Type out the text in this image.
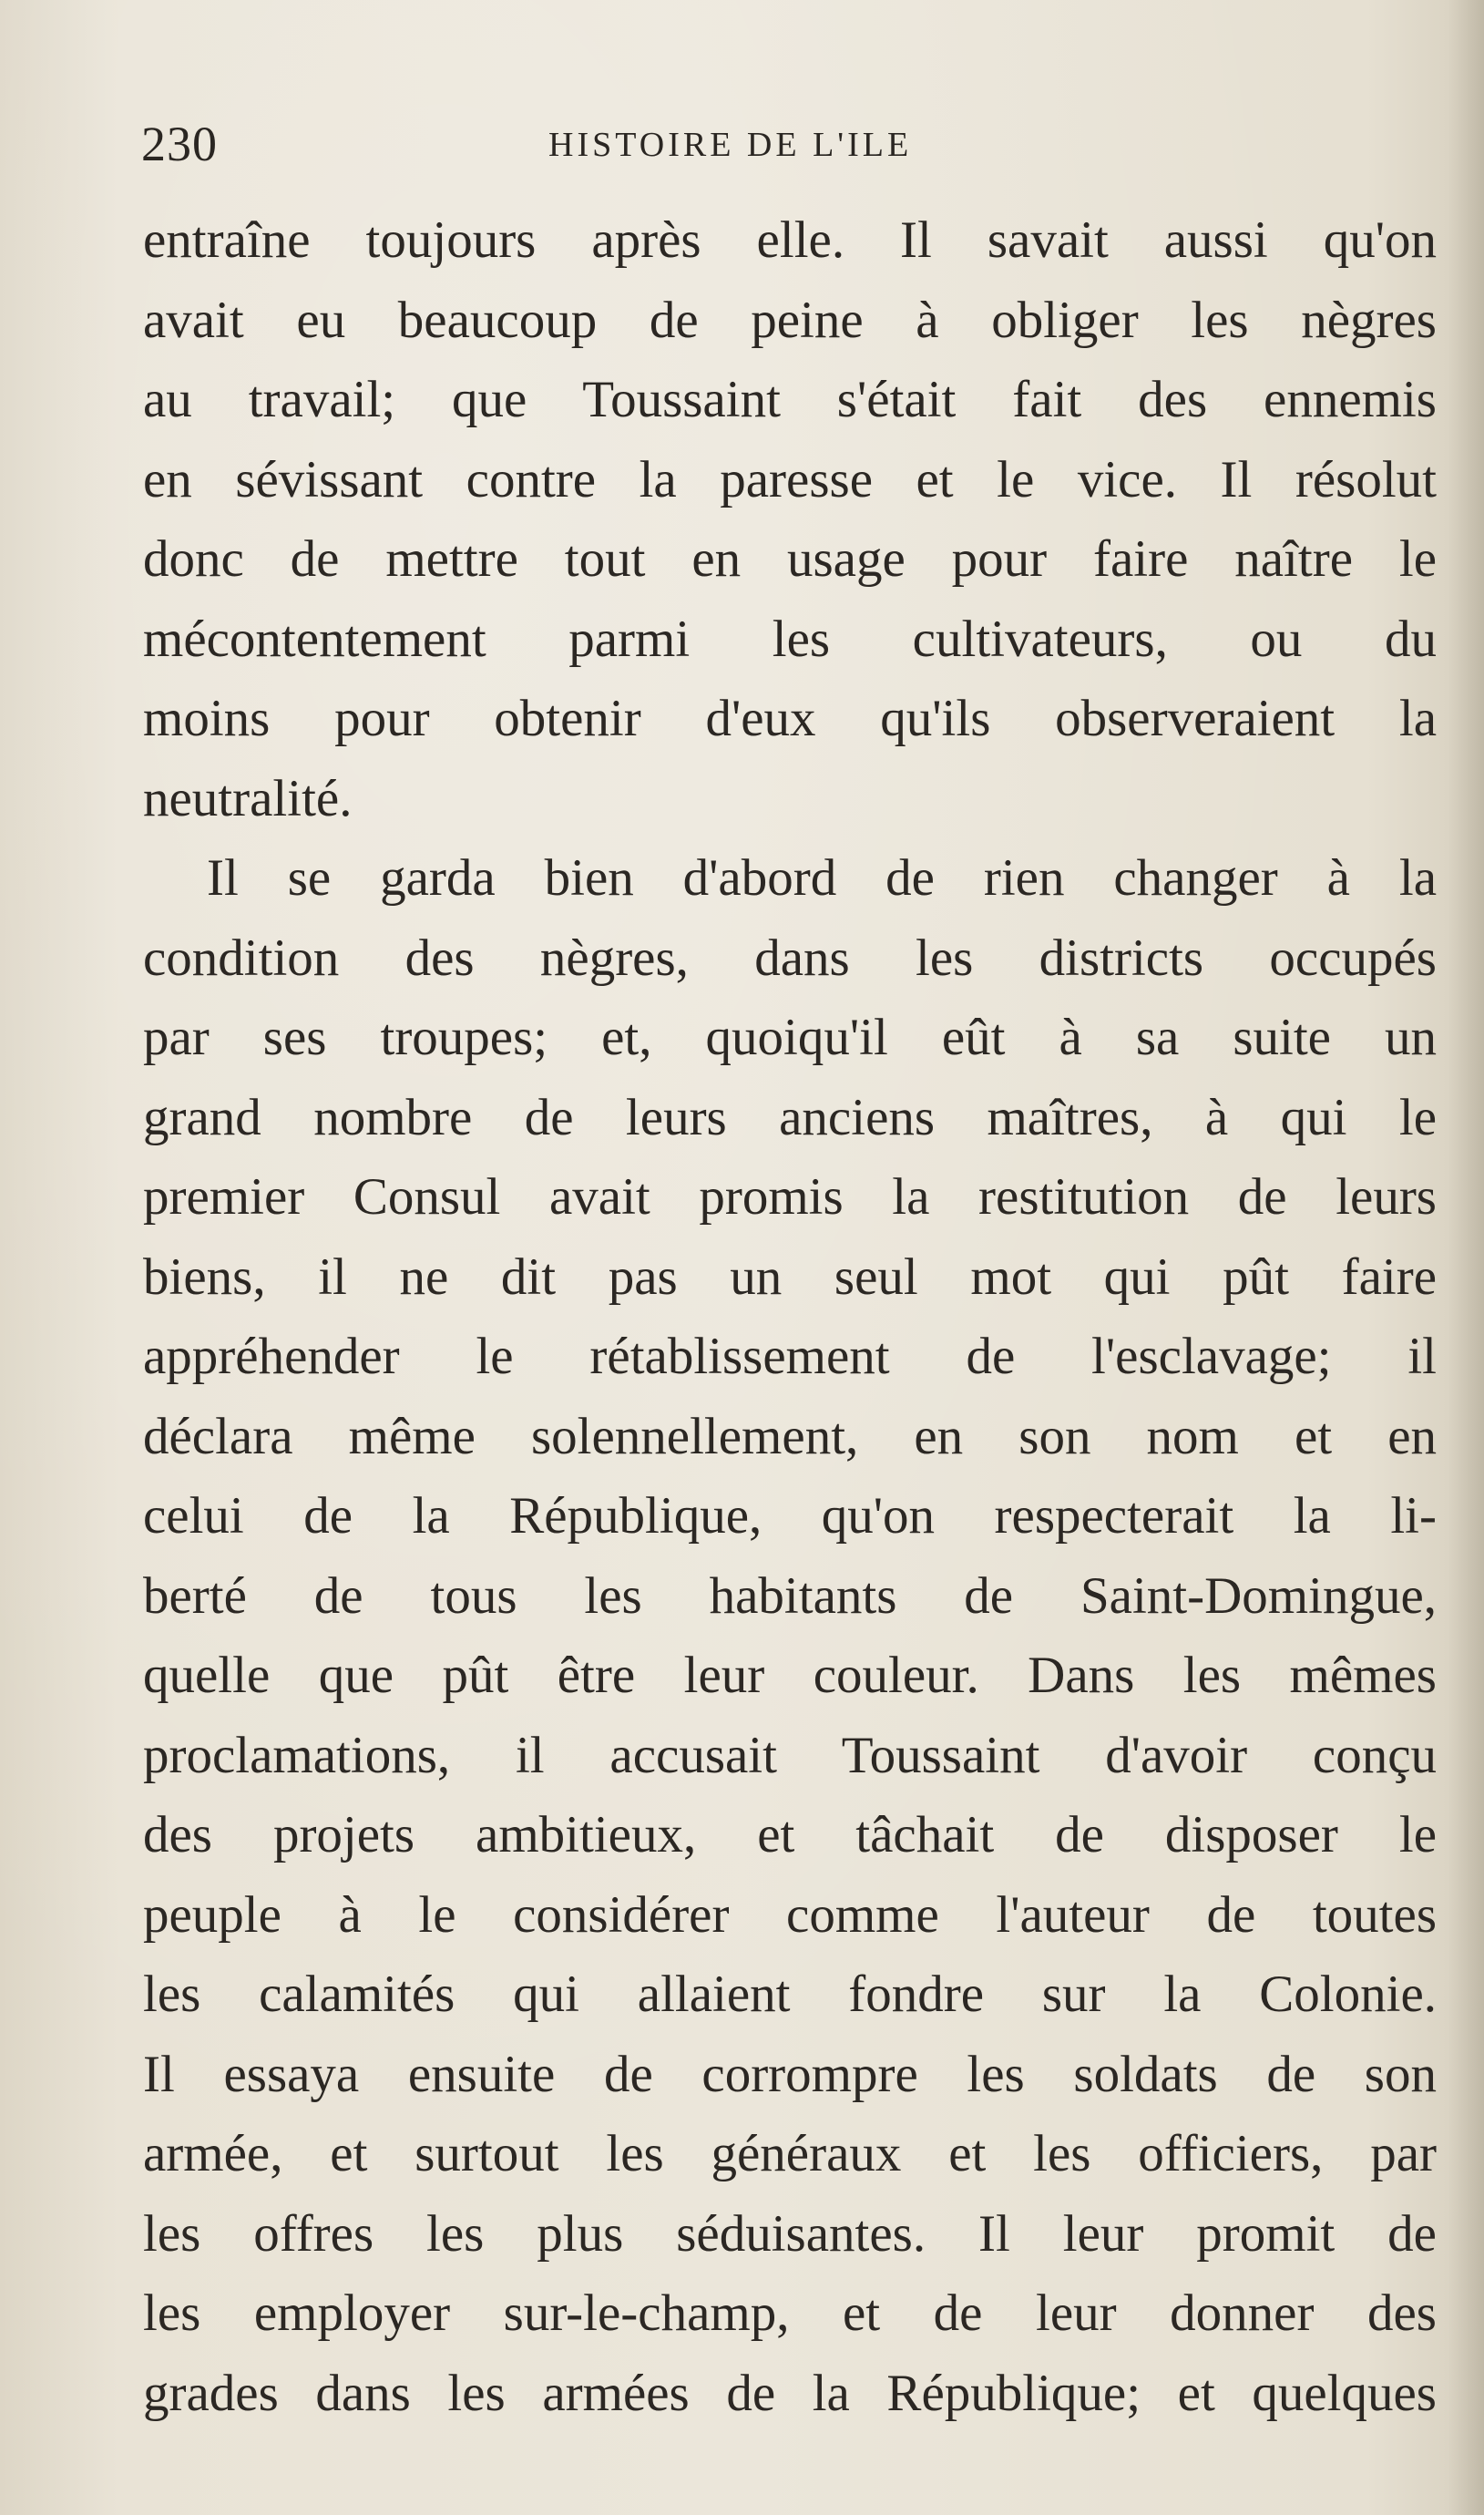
230	HISTOIRE DE L'ILE
entraîne toujours après elle. Il savait aussi qu'on
avait eu beaucoup de peine à obliger les nègres
au travail; que Toussaint s'était fait des ennemis
en sévissant contre la paresse et le vice. Il résolut
donc de mettre tout en usage pour faire naître le
mécontentement parmi les cultivateurs, ou du
moins pour obtenir d'eux qu'ils observeraient la
neutralité.
Il se garda bien d'abord de rien changer à la
condition des nègres, dans les districts occupés
par ses troupes; et, quoiqu'il eût à sa suite un
grand nombre de leurs anciens maîtres, à qui le
premier Consul avait promis la restitution de leurs
biens, il ne dit pas un seul mot qui pût faire
appréhender le rétablissement de l'esclavage; il
déclara même solennellement, en son nom et en
celui de la République, qu'on respecterait la li-
berté de tous les habitants de Saint-Domingue,
quelle que pût être leur couleur. Dans les mêmes
proclamations, il accusait Toussaint d'avoir conçu
des projets ambitieux, et tâchait de disposer le
peuple à le considérer comme l'auteur de toutes
les calamités qui allaient fondre sur la Colonie.
Il essaya ensuite de corrompre les soldats de son
armée, et surtout les généraux et les officiers, par
les offres les plus séduisantes. Il leur promit de
les employer sur-le-champ, et de leur donner des
grades dans les armées de la République; et quelques
